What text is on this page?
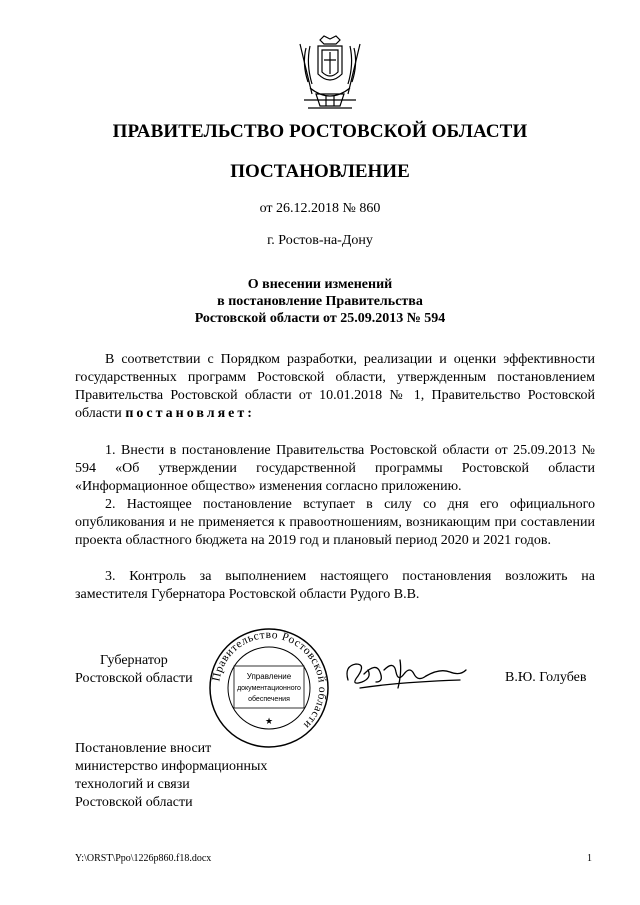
ПРАВИТЕЛЬСТВО РОСТОВСКОЙ ОБЛАСТИ
ПОСТАНОВЛЕНИЕ
от 26.12.2018 № 860
г. Ростов-на-Дону
О внесении изменений
в постановление Правительства
Ростовской области от 25.09.2013 № 594
В соответствии с Порядком разработки, реализации и оценки эффективности государственных программ Ростовской области, утвержденным постановлением Правительства Ростовской области от 10.01.2018 № 1, Правительство Ростовской области постановляет:
1. Внести в постановление Правительства Ростовской области от 25.09.2013 № 594 «Об утверждении государственной программы Ростовской области «Информационное общество» изменения согласно приложению.
2. Настоящее постановление вступает в силу со дня его официального опубликования и не применяется к правоотношениям, возникающим при составлении проекта областного бюджета на 2019 год и плановый период 2020 и 2021 годов.
3. Контроль за выполнением настоящего постановления возложить на заместителя Губернатора Ростовской области Рудого В.В.
Губернатор
Ростовской области	Правительство Ростовской области
Управление
документационного
обеспечения
★
В.Ю. Голубев
Постановление вносит
министерство информационных
технологий и связи
Ростовской области
Y:\ORST\Ppo\1226p860.f18.docx	1
